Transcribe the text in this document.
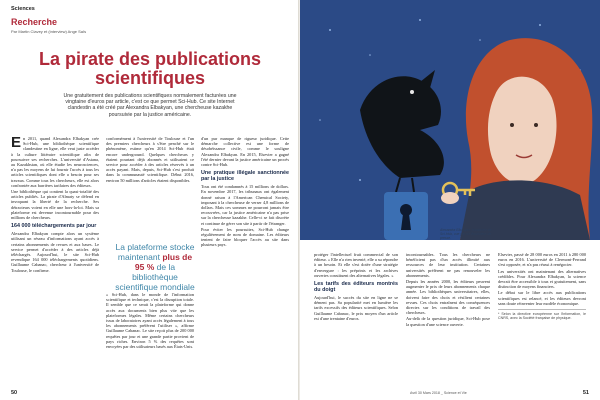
Sciences
Recherche
Par Martin Clavey et (interview) Ange Saïs
La pirate des publications scientifiques
Une gratuitement des publications scientifiques normalement facturées une vingtaine d'euros par article, c'est ce que permet Sci-Hub. Ce site Internet clandestin a été créé par Alexandra Elbakyan, une chercheuse kazakhe poursuivie par la justice américaine.

En 2011, quand Alexandra Elbakyan crée Sci-Hub, une bibliothèque scientifique clandestine en ligne, elle veut juste accéder à la culture littéraire scientifique afin de poursuivre ses recherches. L'université d'Astana, au Kazakhstan, où elle étudie les neurosciences, n'a pas les moyens de lui fournir l'accès à tous les articles scientifiques dont elle a besoin pour ses travaux. Comme tous les chercheurs, elle est alors confrontée aux barrières tarifaires des éditeurs.

Une bibliothèque qui contient la quasi-totalité des articles publiés. La pirate d'Almaty se défend en invoquant la liberté de la recherche. Ses détracteurs voient en elle une hors-la-loi. Mais sa plateforme est devenue incontournable pour des millions de chercheurs.

164 000 téléchargements par jour

Alexandra Elbakyan compte alors un système utilisant un réseau d'informations ayant accès à certains abonnements de revues et aux bases. Le service permet d'accéder à des articles déjà téléchargés. Aujourd'hui, le site Sci-Hub revendique 164 000 téléchargements quotidiens. Guillaume Cabanac, chercheur à l'université de Toulouse, le confirme.

conformément à l'université de Toulouse et l'un des premiers chercheurs à s'être penché sur le phénomène, estime qu'en 2014 Sci-Hub était encore underground. Quelques chercheurs y étaient pourtant déjà abonnés et utilisaient ce service pour accéder à des articles réservés à un accès payant. Mais, depuis, Sci-Hub s'est produit dans la communauté scientifique. Début 2016, environ 50 millions d'articles étaient disponibles.

La plateforme stocke maintenant plus de 95 % de la bibliothèque scientifique mondiale

« Sci-Hub, dans le monde de l'information scientifique et technique, c'est la disruption totale. Il semble que ce serait la plateforme qui donne accès aux documents bien plus vite que les plateformes légales. Même certains chercheurs issus de laboratoires ayant accès légalement à tous les abonnements préfèrent l'utiliser », affirme Guillaume Cabanac. Le site reçoit plus de 200 000 requêtes par jour et une grande partie provient de pays riches. Environ 5 % des requêtes sont envoyées par des utilisateurs basés aux États-Unis.

d'un pur manque de rigueur juridique. Cette démarche collective est une forme de désobéissance civile, comme le souligne Alexandra Elbakyan. En 2015, Elsevier a gagné l'été dernier devant la justice américaine un procès contre Sci-Hub.

Une pratique illégale sanctionnée par la justice

Tous ont été condamnés à 15 millions de dollars. En novembre 2017, les tribunaux ont également donné raison à l'American Chemical Society, imposant à la chercheuse de verser 4,8 millions de dollars. Mais ces sommes ne pourront jamais être recouvrées, car la justice américaine n'a pas prise sur la chercheuse kazakhe. Celle-ci se fait discrète et continue de gérer son site à partir de l'étranger.

Pour éviter les poursuites, Sci-Hub change régulièrement de nom de domaine. Les éditeurs tentent de faire bloquer l'accès au site dans plusieurs pays.

50
Alexandra Elbakyan, fondatrice de Sci-Hub, vue par un illustrateur de presse.

protéger l'intellectuel fruit commercial de son éditeur. « Elle n'a rien inventé, elle a su répondre à un besoin. Et elle s'est dotée d'une stratégie d'envergure : les préprints et les archives ouvertes constituent des alternatives légales. »

Les tarifs des éditeurs montrés du doigt

Aujourd'hui, le succès du site en ligne ne se dément pas. Sa popularité met en lumière les tarifs excessifs des éditeurs scientifiques. Selon Guillaume Cabanac, le prix moyen d'un article est d'une trentaine d'euros.

incontournables. Tous les chercheurs ne bénéficient pas d'un accès illimité aux ressources de leur institution. Certaines universités préfèrent ne pas renouveler les abonnements.

Depuis les années 2000, les éditeurs peuvent augmenter le prix de leurs abonnements chaque année. Les bibliothèques universitaires, elles, doivent faire des choix et résilient certaines revues. Ces choix entraînent des conséquences directes sur les conditions de travail des chercheurs.

Au-delà de la question juridique, Sci-Hub pose la question d'une science ouverte.

Elsevier, passé de 28 000 euros en 2011 à 280 000 euros en 2016. L'université de Clermont-Ferrand s'est opposée, et n'a pas réussi à renégocier.

Les universités ont maintenant des alternatives crédibles. Pour Alexandra Elbakyan, la science devrait être accessible à tous et gratuitement, sans distinction de moyens financiers.

Le débat sur le libre accès aux publications scientifiques est relancé, et les éditeurs devront sans doute réinventer leur modèle économique.

* Selon la directive européenne sur l'information, le CNRS, avec la Société française de physique.
Avril 30 Mars 2018 _ Science et Vie	51
